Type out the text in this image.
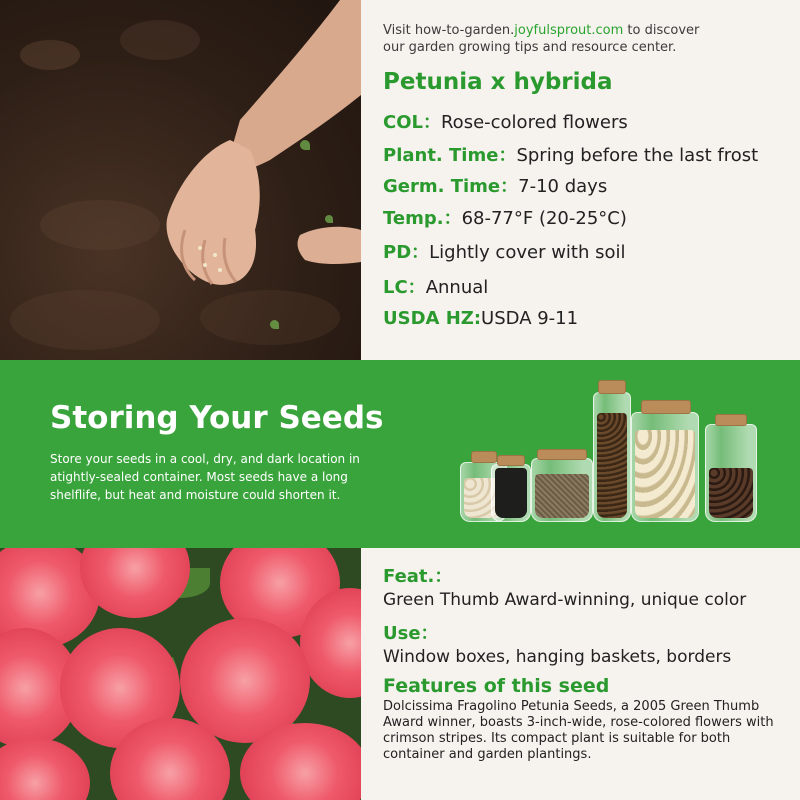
Visit how-to-garden.joyfulsprout.com to discover
our garden growing tips and resource center.
Petunia x hybrida
COL：Rose-colored flowers
Plant. Time：Spring before the last frost
Germ. Time：7-10 days
Temp.：68-77°F (20-25°C)
PD：Lightly cover with soil
LC：Annual
USDA HZ:USDA 9-11
Storing Your Seeds
Store your seeds in a cool, dry, and dark location in atightly-sealed container. Most seeds have a long shelflife, but heat and moisture could shorten it.
Feat.：
Green Thumb Award-winning, unique color
Use：
Window boxes, hanging baskets, borders
Features of this seed
Dolcissima Fragolino Petunia Seeds, a 2005 Green Thumb Award winner, boasts 3-inch-wide, rose-colored flowers with crimson stripes. Its compact plant is suitable for both container and garden plantings.
